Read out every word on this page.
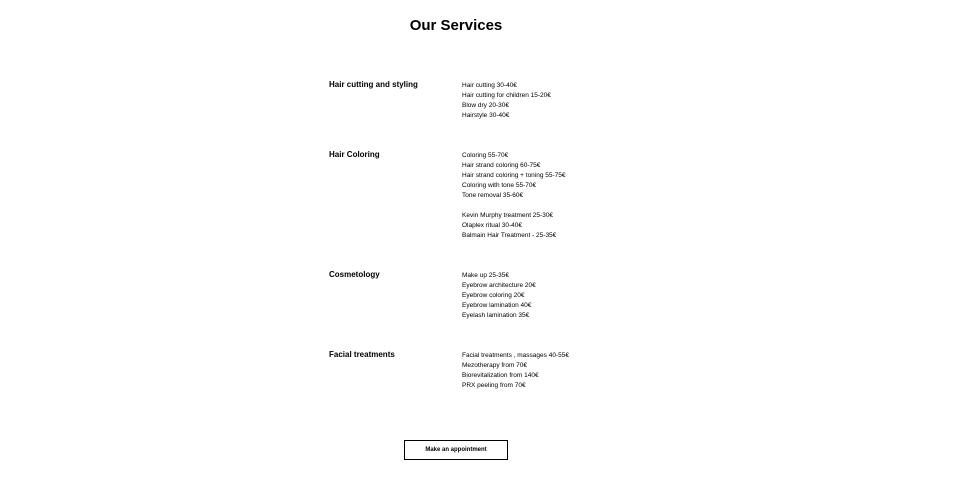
Our Services
Hair cutting and styling	Hair cutting 30-40€
Hair cutting for children 15-20€
Blow dry 20-30€
Hairstyle 30-40€
Hair Coloring	Coloring 55-70€
Hair strand coloring 60-75€
Hair strand coloring + toning 55-75€
Coloring with tone 55-70€
Tone removal 35-60€
Kevin Murphy treatment 25-30€
Olaplex ritual 30-40€
Balmain Hair Treatment - 25-35€
Cosmetology	Make up 25-35€
Eyebrow architecture 20€
Eyebrow coloring 20€
Eyebrow lamination 40€
Eyelash lamination 35€
Facial treatments	Facial treatments , massages 40-55€
Mezotherapy from 70€
Biorevitalization from 140€
PRX peeling from 70€
Make an appointment
